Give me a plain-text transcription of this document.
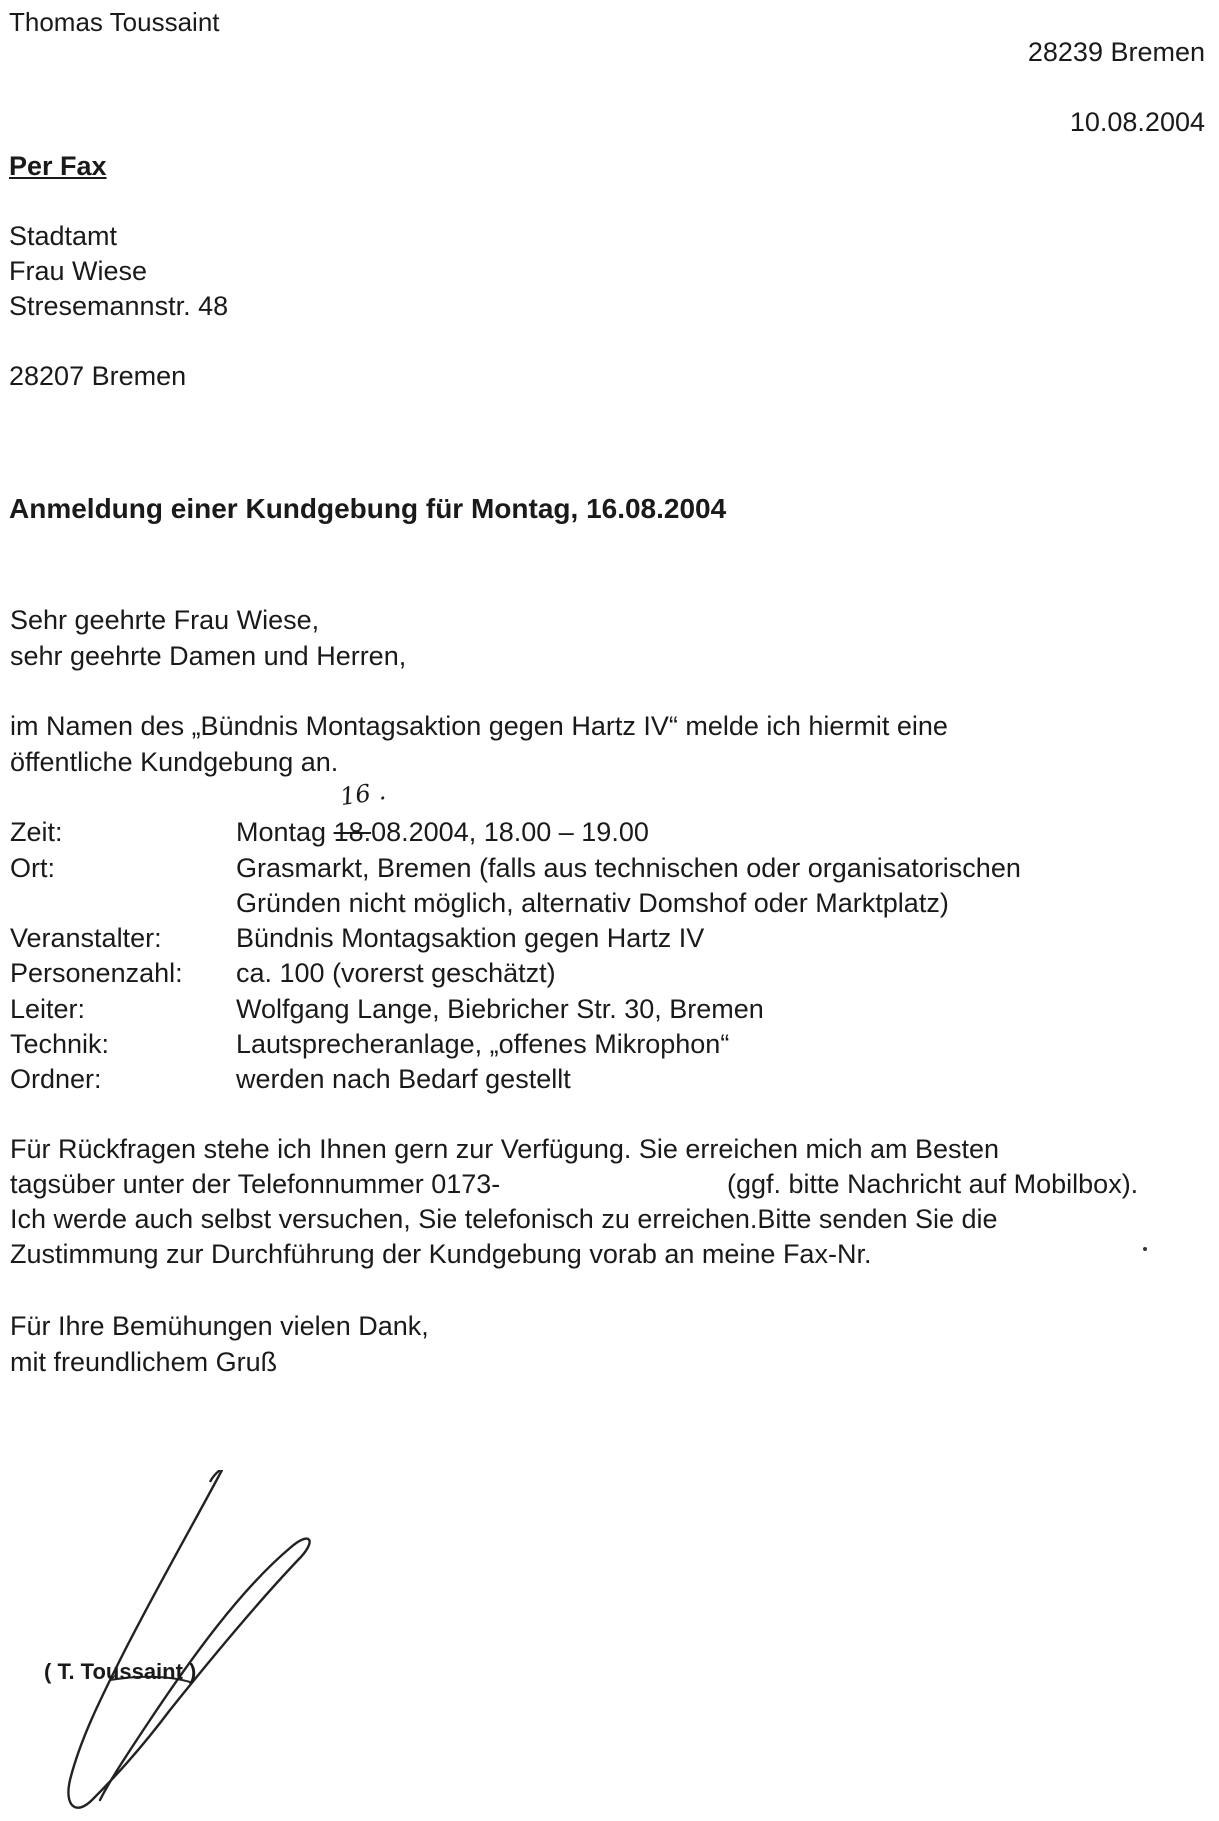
Thomas Toussaint
28239 Bremen
10.08.2004
Per Fax
Stadtamt
Frau Wiese
Stresemannstr. 48
28207 Bremen
Anmeldung einer Kundgebung für Montag, 16.08.2004
Sehr geehrte Frau Wiese,
sehr geehrte Damen und Herren,
im Namen des „Bündnis Montagsaktion gegen Hartz IV“ melde ich hiermit eine
öffentliche Kundgebung an.
16 .
Zeit:	Montag 18.08.2004, 18.00 – 19.00
Ort:	Grasmarkt, Bremen (falls aus technischen oder organisatorischen
Gründen nicht möglich, alternativ Domshof oder Marktplatz)
Veranstalter:	Bündnis Montagsaktion gegen Hartz IV
Personenzahl: ca. 100 (vorerst geschätzt)
Leiter:	Wolfgang Lange, Biebricher Str. 30, Bremen
Technik:	Lautsprecheranlage, „offenes Mikrophon“
Ordner:	werden nach Bedarf gestellt
Für Rückfragen stehe ich Ihnen gern zur Verfügung. Sie erreichen mich am Besten
tagsüber unter der Telefonnummer 0173-	(ggf. bitte Nachricht auf Mobilbox).
Ich werde auch selbst versuchen, Sie telefonisch zu erreichen.Bitte senden Sie die
Zustimmung zur Durchführung der Kundgebung vorab an meine Fax-Nr.
Für Ihre Bemühungen vielen Dank,
mit freundlichem Gruß
( T. Toussaint )
